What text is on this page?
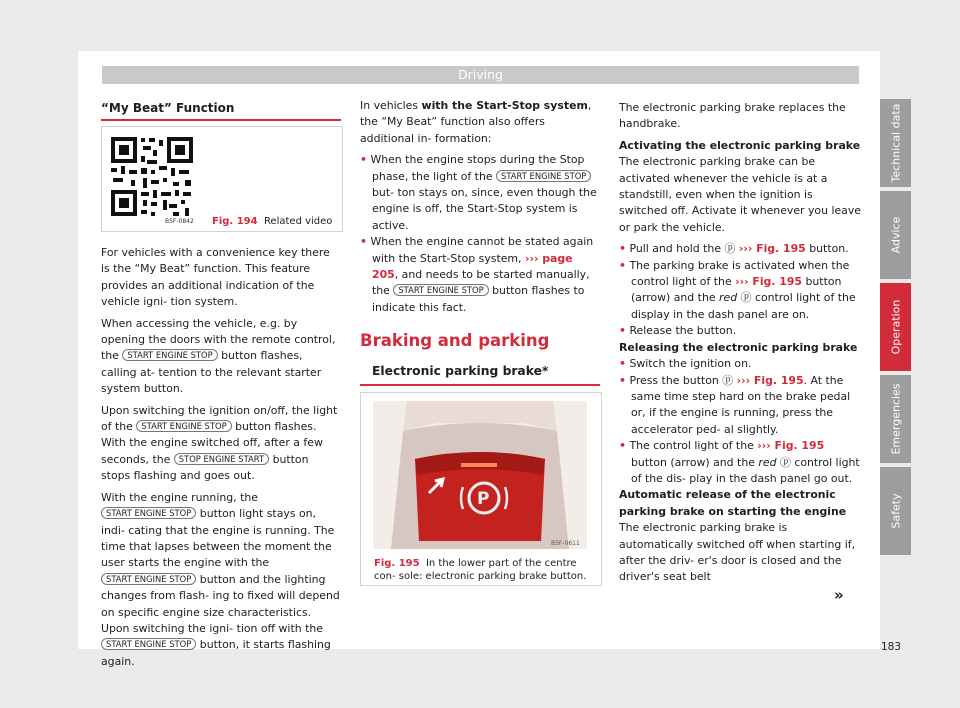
Driving
“My Beat” Function
B5F-0842 Fig. 194 Related video

For vehicles with a convenience key there is the “My Beat” function. This feature provides an additional indication of the vehicle igni- tion system.

When accessing the vehicle, e.g. by opening the doors with the remote control, the START ENGINE STOP button flashes, calling at- tention to the relevant starter system button.

Upon switching the ignition on/off, the light of the START ENGINE STOP button flashes. With the engine switched off, after a few seconds, the STOP ENGINE START button stops flashing and goes out.

With the engine running, the START ENGINE STOP button light stays on, indi- cating that the engine is running. The time that lapses between the moment the user starts the engine with the START ENGINE STOP button and the lighting changes from flash- ing to fixed will depend on specific engine size characteristics. Upon switching the igni- tion off with the START ENGINE STOP button, it starts flashing again.

In vehicles with the Start-Stop system, the “My Beat” function also offers additional in- formation:

• When the engine stops during the Stop phase, the light of the START ENGINE STOP but- ton stays on, since, even though the engine is off, the Start-Stop system is active.

• When the engine cannot be stated again with the Start-Stop system, ››› page 205, and needs to be started manually, the START ENGINE STOP button flashes to indicate this fact.

Braking and parking
Electronic parking brake*
P
B5F-0611
Fig. 195 In the lower part of the centre con- sole: electronic parking brake button.

The electronic parking brake replaces the handbrake.

Activating the electronic parking brake

The electronic parking brake can be activated whenever the vehicle is at a standstill, even when the ignition is switched off. Activate it whenever you leave or park the vehicle.

• Pull and hold the ⓟ ››› Fig. 195 button.

• The parking brake is activated when the control light of the ››› Fig. 195 button (arrow) and the red ⓟ control light of the display in the dash panel are on.

• Release the button.

Releasing the electronic parking brake

• Switch the ignition on.

• Press the button ⓟ ››› Fig. 195. At the same time step hard on the brake pedal or, if the engine is running, press the accelerator ped- al slightly.

• The control light of the ››› Fig. 195 button (arrow) and the red ⓟ control light of the dis- play in the dash panel go out.

Automatic release of the electronic parking brake on starting the engine

The electronic parking brake is automatically switched off when starting if, after the driv- er's door is closed and the driver's seat belt

»
Technical data
Advice
Operation
Emergencies
Safety
183
